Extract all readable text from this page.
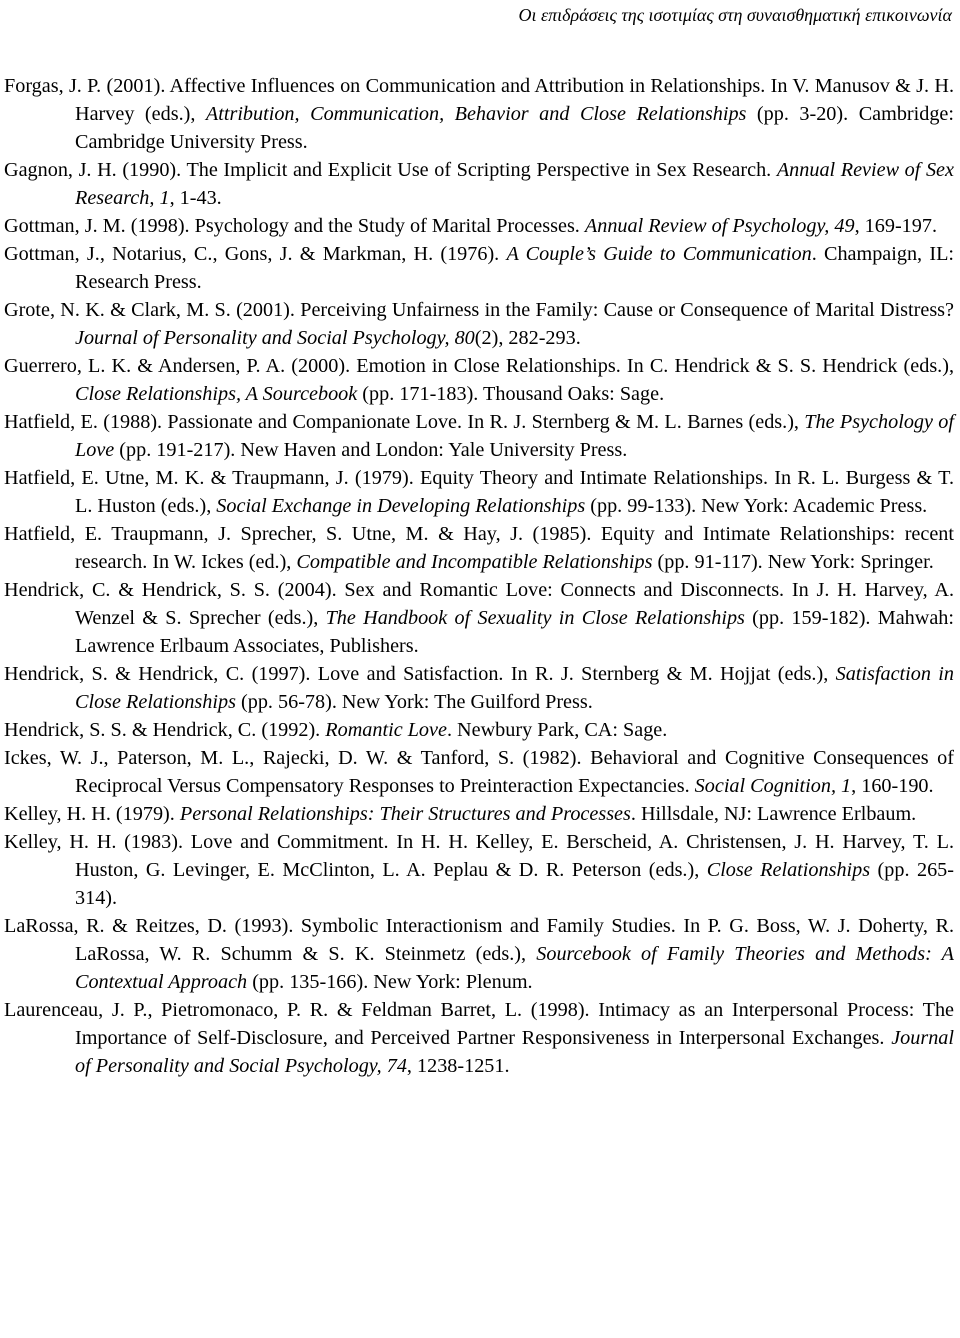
Οι επιδράσεις της ισοτιμίας στη συναισθηματική επικοινωνία

Forgas, J. P. (2001). Affective Influences on Communication and Attribution in Relationships. In V. Manusov & J. H. Harvey (eds.), Attribution, Communication, Behavior and Close Relationships (pp. 3-20). Cambridge: Cambridge University Press.

Gagnon, J. H. (1990). The Implicit and Explicit Use of Scripting Perspective in Sex Research. Annual Review of Sex Research, 1, 1-43.

Gottman, J. M. (1998). Psychology and the Study of Marital Processes. Annual Review of Psychology, 49, 169-197.

Gottman, J., Notarius, C., Gons, J. & Markman, H. (1976). A Couple’s Guide to Communication. Champaign, IL: Research Press.

Grote, N. K. & Clark, M. S. (2001). Perceiving Unfairness in the Family: Cause or Consequence of Marital Distress? Journal of Personality and Social Psychology, 80(2), 282-293.

Guerrero, L. K. & Andersen, P. A. (2000). Emotion in Close Relationships. In C. Hendrick & S. S. Hendrick (eds.), Close Relationships, A Sourcebook (pp. 171-183). Thousand Oaks: Sage.

Hatfield, E. (1988). Passionate and Companionate Love. In R. J. Sternberg & M. L. Barnes (eds.), The Psychology of Love (pp. 191-217). New Haven and London: Yale University Press.

Hatfield, E. Utne, M. K. & Traupmann, J. (1979). Equity Theory and Intimate Relationships. In R. L. Burgess & T. L. Huston (eds.), Social Exchange in Developing Relationships (pp. 99-133). New York: Academic Press.

Hatfield, E. Traupmann, J. Sprecher, S. Utne, M. & Hay, J. (1985). Equity and Intimate Relationships: recent research. In W. Ickes (ed.), Compatible and Incompatible Relationships (pp. 91-117). New York: Springer.

Hendrick, C. & Hendrick, S. S. (2004). Sex and Romantic Love: Connects and Disconnects. In J. H. Harvey, A. Wenzel & S. Sprecher (eds.), The Handbook of Sexuality in Close Relationships (pp. 159-182). Mahwah: Lawrence Erlbaum Associates, Publishers.

Hendrick, S. & Hendrick, C. (1997). Love and Satisfaction. In R. J. Sternberg & M. Hojjat (eds.), Satisfaction in Close Relationships (pp. 56-78). New York: The Guilford Press.

Hendrick, S. S. & Hendrick, C. (1992). Romantic Love. Newbury Park, CA: Sage.

Ickes, W. J., Paterson, M. L., Rajecki, D. W. & Tanford, S. (1982). Behavioral and Cognitive Consequences of Reciprocal Versus Compensatory Responses to Preinteraction Expectancies. Social Cognition, 1, 160-190.

Kelley, H. H. (1979). Personal Relationships: Their Structures and Processes. Hillsdale, NJ: Lawrence Erlbaum.

Kelley, H. H. (1983). Love and Commitment. In H. H. Kelley, E. Berscheid, A. Christensen, J. H. Harvey, T. L. Huston, G. Levinger, E. McClinton, L. A. Peplau & D. R. Peterson (eds.), Close Relationships (pp. 265-314).

LaRossa, R. & Reitzes, D. (1993). Symbolic Interactionism and Family Studies. In P. G. Boss, W. J. Doherty, R. LaRossa, W. R. Schumm & S. K. Steinmetz (eds.), Sourcebook of Family Theories and Methods: A Contextual Approach (pp. 135-166). New York: Plenum.

Laurenceau, J. P., Pietromonaco, P. R. & Feldman Barret, L. (1998). Intimacy as an Interpersonal Process: The Importance of Self-Disclosure, and Perceived Partner Responsiveness in Interpersonal Exchanges. Journal of Personality and Social Psychology, 74, 1238-1251.
